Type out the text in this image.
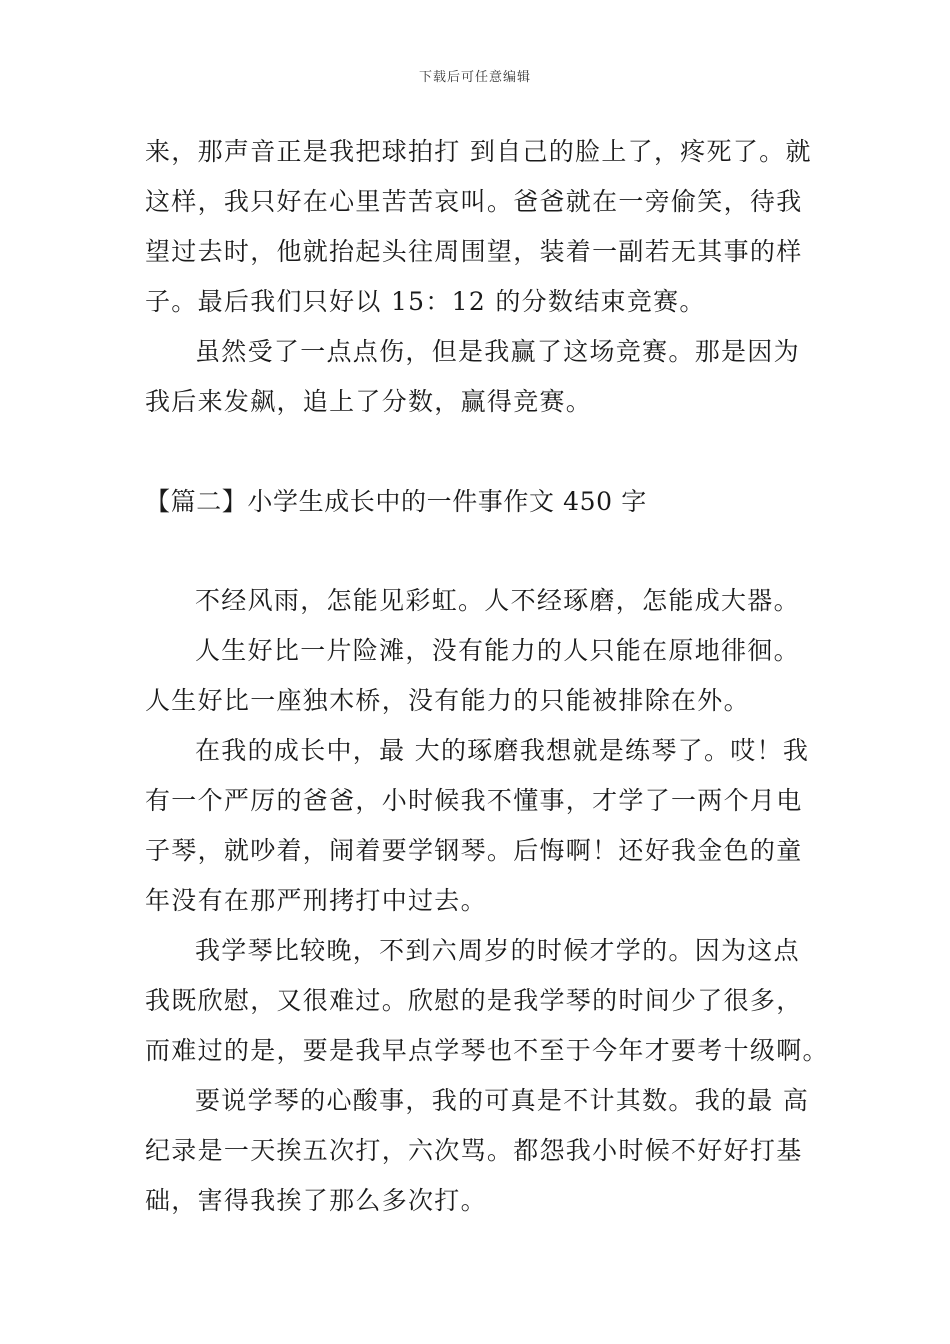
下载后可任意编辑
来，那声音正是我把球拍打 到自己的脸上了，疼死了。就
这样，我只好在心里苦苦哀叫。爸爸就在一旁偷笑，待我
望过去时，他就抬起头往周围望，装着一副若无其事的样
子。最后我们只好以 15：12 的分数结束竞赛。
虽然受了一点点伤，但是我赢了这场竞赛。那是因为
我后来发飙，追上了分数，赢得竞赛。
【篇二】小学生成长中的一件事作文 450 字
不经风雨，怎能见彩虹。人不经琢磨，怎能成大器。
人生好比一片险滩，没有能力的人只能在原地徘徊。
人生好比一座独木桥，没有能力的只能被排除在外。
在我的成长中，最 大的琢磨我想就是练琴了。哎！我
有一个严厉的爸爸，小时候我不懂事，才学了一两个月电
子琴，就吵着，闹着要学钢琴。后悔啊！还好我金色的童
年没有在那严刑拷打中过去。
我学琴比较晚，不到六周岁的时候才学的。因为这点
我既欣慰，又很难过。欣慰的是我学琴的时间少了很多，
而难过的是，要是我早点学琴也不至于今年才要考十级啊。
要说学琴的心酸事，我的可真是不计其数。我的最 高
纪录是一天挨五次打，六次骂。都怨我小时候不好好打基
础，害得我挨了那么多次打。
